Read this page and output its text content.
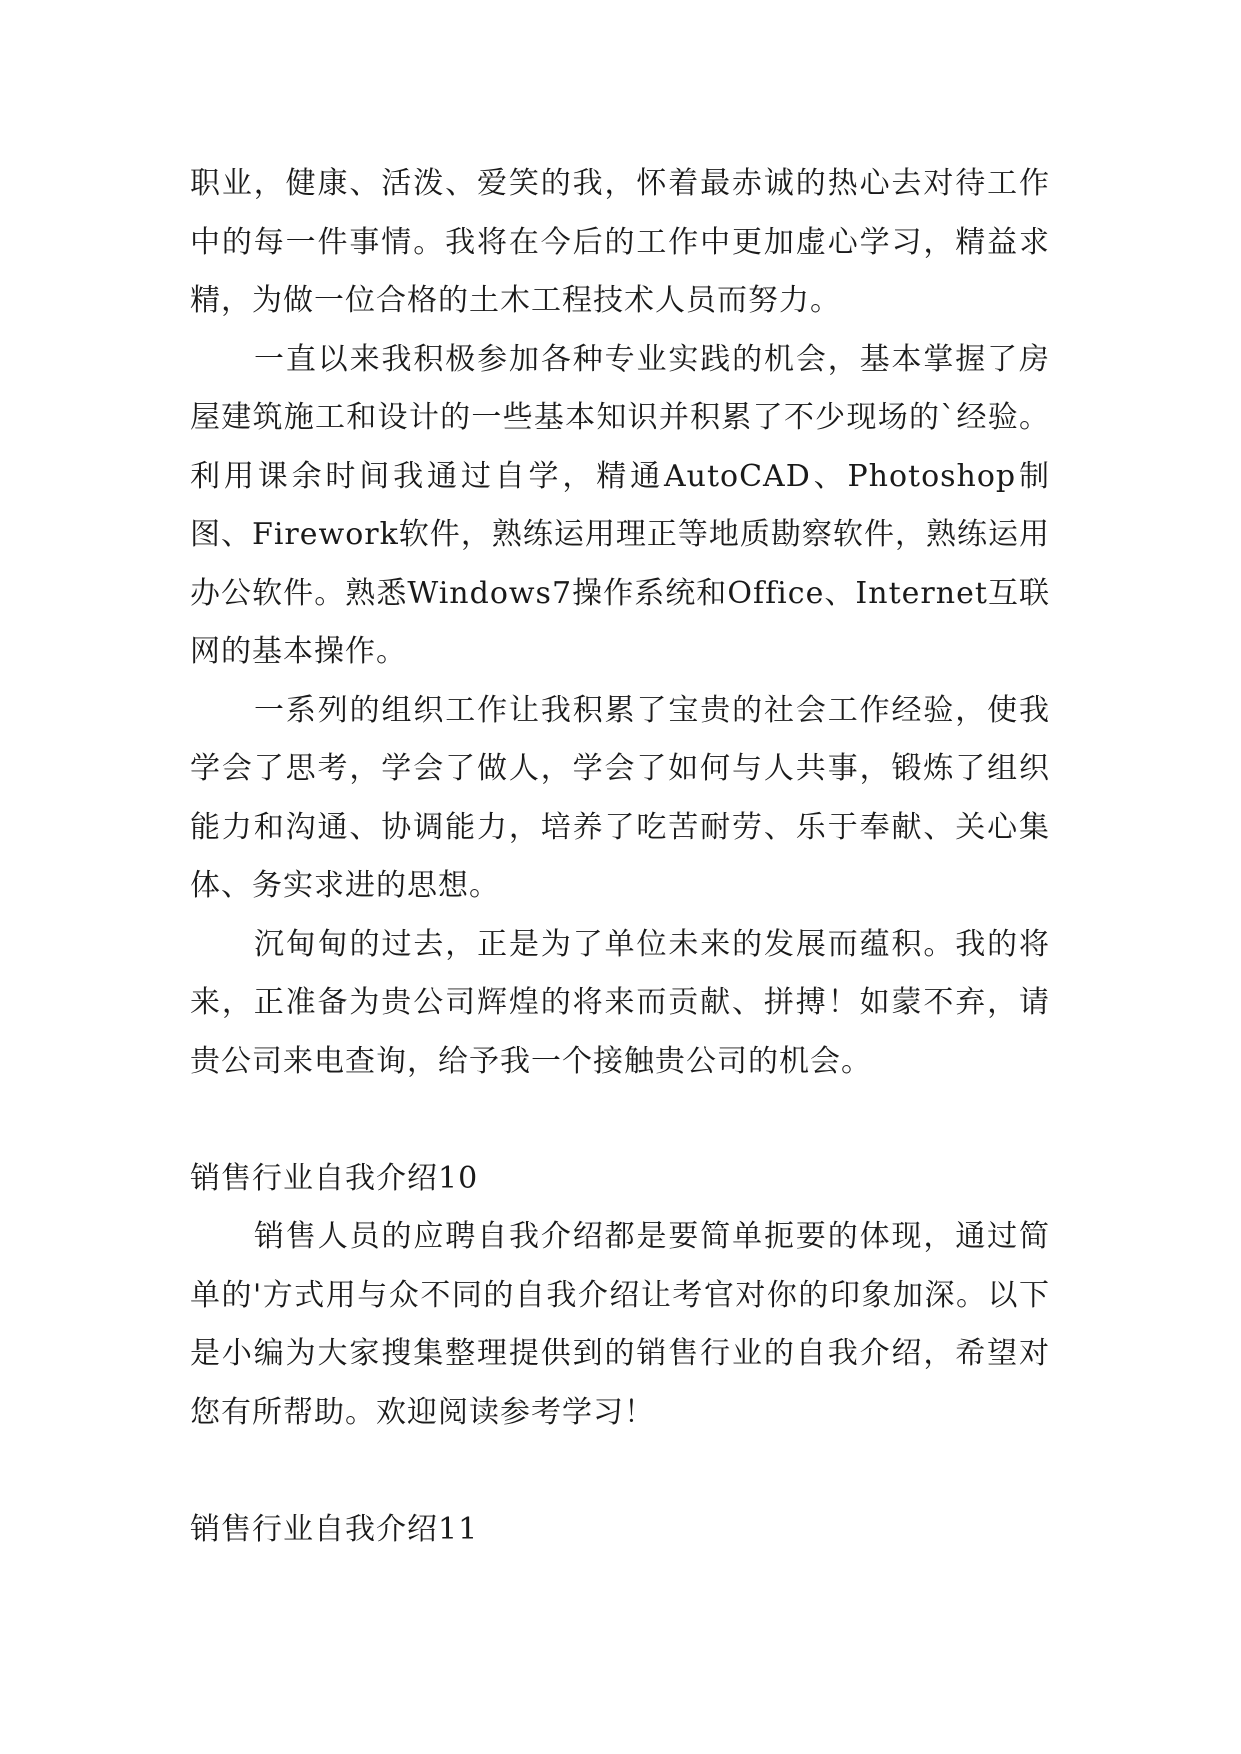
职业，健康、活泼、爱笑的我，怀着最赤诚的热心去对待工作中的每一件事情。我将在今后的工作中更加虚心学习，精益求精，为做一位合格的土木工程技术人员而努力。

一直以来我积极参加各种专业实践的机会，基本掌握了房屋建筑施工和设计的一些基本知识并积累了不少现场的`经验。利用课余时间我通过自学，精通AutoCAD、Photoshop制图、Firework软件，熟练运用理正等地质勘察软件，熟练运用办公软件。熟悉Windows7操作系统和Office、Internet互联网的基本操作。

一系列的组织工作让我积累了宝贵的社会工作经验，使我学会了思考，学会了做人，学会了如何与人共事，锻炼了组织能力和沟通、协调能力，培养了吃苦耐劳、乐于奉献、关心集体、务实求进的思想。

沉甸甸的过去，正是为了单位未来的发展而蕴积。我的将来，正准备为贵公司辉煌的将来而贡献、拼搏！如蒙不弃，请贵公司来电查询，给予我一个接触贵公司的机会。

销售行业自我介绍10

销售人员的应聘自我介绍都是要简单扼要的体现，通过简单的'方式用与众不同的自我介绍让考官对你的印象加深。以下是小编为大家搜集整理提供到的销售行业的自我介绍，希望对您有所帮助。欢迎阅读参考学习！

销售行业自我介绍11
